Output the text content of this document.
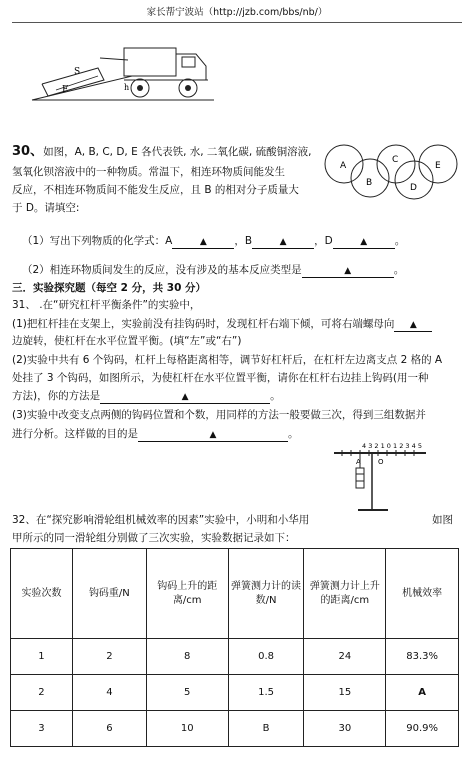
家长帮宁波站（http://jzb.com/bbs/nb/）
S
F	h
30、如图，A, B, C, D, E 各代表铁, 水, 二氧化碳, 硫酸铜溶液,
氢氧化钡溶液中的一种物质。常温下，相连环物质间能发生
反应，不相连环物质间不能发生反应，且 B 的相对分子质量大
于 D。请填空:
A
B
C
D
E
（1）写出下列物质的化学式：A	▲	，B	▲	，D	▲	。
（2）相连环物质间发生的反应，没有涉及的基本反应类型是	▲	。
三．实验探究题（每空 2 分，共 30 分）
31、 .在“研究杠杆平衡条件”的实验中，
(1)把杠杆挂在支架上，实验前没有挂钩码时，发现杠杆右端下倾，可将右端螺母向 ▲
边旋转，使杠杆在水平位置平衡。(填“左”或“右”)
(2)实验中共有 6 个钩码，杠杆上每格距离相等，调节好杠杆后，在杠杆左边离支点 2 格的 A
处挂了 3 个钩码，如图所示，为使杠杆在水平位置平衡，请你在杠杆右边挂上钩码(用一种
方法)，你的方法是	▲	。
(3)实验中改变支点两侧的钩码位置和个数，用同样的方法一般要做三次，得到三组数据并
进行分析。这样做的目的是	▲	。
4 3 2 1 0 1 2 3 4 5
O
A
32、在“探究影响滑轮组机械效率的因素”实验中，小明和小华用	如图
甲所示的同一滑轮组分别做了三次实验，实验数据记录如下：
实验次数	钩码重/N	钩码上升的距离/cm	弹簧测力计的读数/N	弹簧测力计上升的距离/cm	机械效率
1	2	8	0.8	24	83.3%
2	4	5	1.5	15	A
3	6	10	B	30	90.9%
